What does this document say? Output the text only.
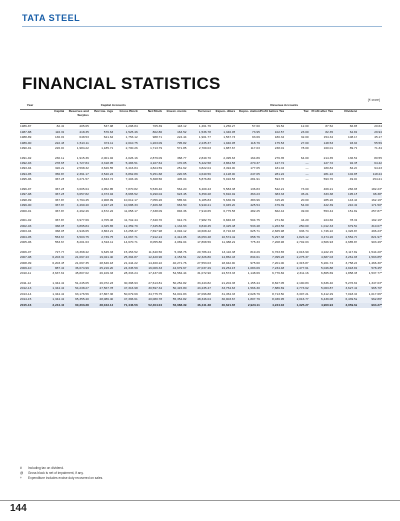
TATA STEEL
FINANCIAL STATISTICS
(₹ crore)
Year	Capital Accounts						Revenue Accounts							
	Capital	Reserves and Surplus	Borrow- ings	Gross Block	Net Block	Invest- ments	Turnover	Expen- diture	Depre- ciation	Profit before Tax	Tax	Profit after Tax	Dividend	
1986-87	82.49	405.65	537.98	1,298.84	705.39	118.12	1,461.76	1,256.27	57.60	99.52	12.00	87.52	66.86	20.64
1987-88	116.39	418.35	576.63	1,525.46	802.86	163.52	1,536.78	1,346.05	73.95	102.57	23.00	82.35	62.81	29.94
1988-89	136.09	648.53	621.64	1,753.12	988.71	224.44	1,901.77	1,567.74	93.69	180.34	32.00	154.34	108.17	45.17
1989-90	222.48	1,513.11	974.11	2,010.75	1,203.09	795.82	2,235.37	1,940.05	118.79	175.53	27.00	148.53	93.94	55.59
1990-91	226.00	1,984.22	1,185.71	2,700.26	1,713.79	571.85	2,709.03	1,887.67	117.03	238.01	78.00	160.01	89.79	71.34

1991-92	230.12	1,915.36	2,001.02	4,026.16	2,879.09	368.77	2,849.70	2,495.63	164.89	276.35	64.00	214.35	136.51	80.55
1992-93	278.65	1,727.84	3,318.05	5,483.51	4,107.64	170.05	5,422.58	3,864.56	270.37	127.72	—	127.72	92.35	64.42
1993-94	320.22	2,598.32	3,626.55	6,416.84	4,824.59	251.62	3,822.04	3,494.00	177.05	181.04	—	180.84	84.20	94.23
1994-95	356.87	2,391.17	3,540.24	6,862.89	5,251.68	220.65	4,640.56	4,128.00	247.05	281.22	—	281.22	102.85	118.24
1995-96	367.28	3,271.57	3,843.74	7,403.46	5,368.56	405.04	5,876.80	5,016.56	281.91	593.76	—	593.76	49.00	154.21

1996-97	367.28	3,605.64	4,952.85	7,870.82	5,536.40	564.20	6,409.43	5,583.38	136.83	542.21	73.00	469.21	266.96	182.23*
1997-98	367.28	3,657.82	4,373.04	8,665.52	6,290.04	623.45	6,359.28	5,810.02	363.23	383.33	45.21	333.38	195.15	98.38*
1998-99	367.87	3,794.45	4,908.99	10,012.17	7,056.26	585.64	6,185.83	5,636.39	383.96	315.20	20.00	285.20	143.44	162.19*
1999-00	367.87	4,490.40	4,947.23	10,688.33	7,406.38	663.50	6,940.21	6,045.20	425.54	479.39	54.00	422.39	210.49	171.50*
2000-01	367.87	4,492.46	4,672.22	11,058.17	7,338.09	846.36	7,910.65	6,775.56	482.25	662.44	49.00	553.44	151.82	257.87*

2001-02	367.87	3,977.69	4,705.46	11,742.44	7,340.70	912.74	7,982.79	6,846.03	504.75	271.60	44.20	224.66	78.31	192.19*
2002-03	368.05	3,895.84	4,325.65	12,359.79	7,345.80	1,134.63	9,840.45	8,425.48	533.48	1,263.56	250.00	1,012.33	679.50	310.07*
2003-04	368.05	4,946.65	3,863.21	13,258.47	7,697.98	2,094.12	10,608.42	8,716.93	625.71	2,665.98	936.74	1,746.22	1,326.87	496.23*
2004-05	553.67	6,503.75	2,739.75	14,067.71	7,912.24	2,412.05	16,053.48	10,574.42	658.76	5,297.38	1,823.12	3,474.26	2,552.70	821.97*
2005-06	553.67	8,201.63	2,516.11	14,670.71	8,055.80	4,069.04	17,868.56	11,388.22	775.33	7,208.96	2,702.03	4,506.93	2,685.87	903.49*

2006-07	727.73	13,368.42	9,645.33	15,453.52	11,640.56	5,338.76	20,786.24	13,110.38	819.29	6,763.65	2,016.90	4,222.15	3,117.82	1,544.20*
2007-08	6,203.30	21,097.43	19,021.40	25,394.87	12,420.96	4,153.51	22,326.80	14,852.43	834.61	7,095.26	2,275.37	4,687.03	3,261.96	1,593.85*
2008-09	6,203.45	21,097.35	28,646.18	21,444.22	14,460.22	40,271.76	27,553.03	18,942.90	975.60	7,201.00	2,315.87	5,201.74	3,758.24	1,466.30*
2009-10	887.41	36,074.99	25,216.20	24,345.59	16,006.33	44,679.67	27,037.29	19,254.15	1,083.09	7,234.48	2,477.61	5,046.88	4,918.81	578.45*
2010-11	3,637.61	45,807.02	26,109.33	28,333.24	17,437.06	54,584.44	31,072.90	24,573.33	1,148.69	6,776.82	2,311.16	6,865.69	1,858.38	1,537.77*

2011-12	1,344.41	51,245.05	26,072.23	30,398.93	27,613.81	50,252.82	33,443.82	21,204.36	1,155.44	8,827.05	2,190.83	6,636.40	5,276.69	1,347.03*
2012-13	1,344.41	54,238.27	27,567.78	47,316.98	30,597.34	50,415.80	43,235.47	33,754.63	1,566.30	7,886.69	2,773.62	5,063.87	3,627.41	965.70*
2013-14	1,344.41	63,176.56	27,867.36	50,079.69	34,775.75	54,001.83	47,096.88	31,454.33	2,028.79	8,713.50	3,307.21	6,412.29	7,018.34	1,017.66*
2014-15	1,344.41	65,355.40	28,086.40	47,396.61	40,080.78	55,354.82	48,346.04	30,903.67	1,807.79	8,036.95	2,016.77	6,439.08	6,439.52	962.89*
2015-16	3,244.41	60,303.38	28,043.14	71,446.56	52,404.04	56,088.39	46,441.38	30,621.65	2,923.11	4,224.02	1,325.27	4,900.94	3,059.62	904.27*
# Including tax on dividend.
@ Gross block is net of impairment, if any.
+ Expenditure includes excise duty recovered on sales.
144
